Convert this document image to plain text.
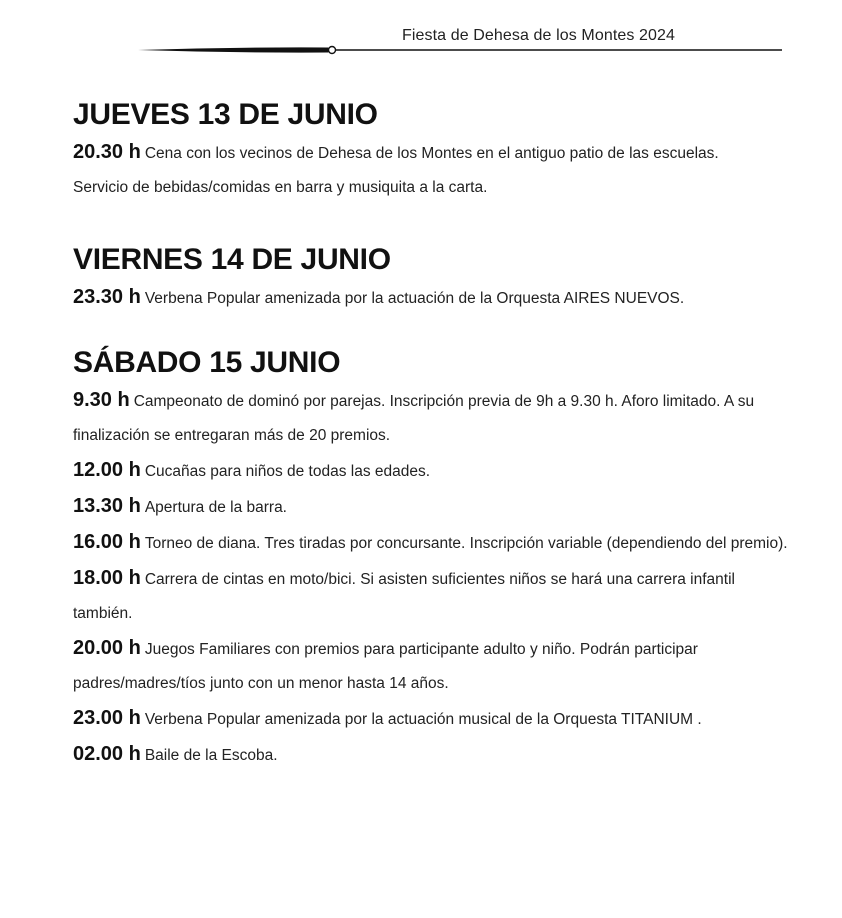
Fiesta de Dehesa de los Montes 2024
JUEVES 13 DE JUNIO

20.30 h Cena con los vecinos de Dehesa de los Montes en el antiguo patio de las escuelas.

Servicio de bebidas/comidas en barra y musiquita a la carta.

VIERNES 14 DE JUNIO

23.30 h Verbena Popular amenizada por la actuación de la Orquesta AIRES NUEVOS.

SÁBADO 15 JUNIO

9.30 h Campeonato de dominó por parejas. Inscripción previa de 9h a 9.30 h. Aforo limitado. A su finalización se entregaran más de 20 premios.

12.00 h Cucañas para niños de todas las edades.

13.30 h Apertura de la barra.

16.00 h Torneo de diana. Tres tiradas por concursante. Inscripción variable (dependiendo del premio).

18.00 h Carrera de cintas en moto/bici. Si asisten suficientes niños se hará una carrera infantil también.

20.00 h Juegos Familiares con premios para participante adulto y niño. Podrán participar padres/madres/tíos junto con un menor hasta 14 años.

23.00 h Verbena Popular amenizada por la actuación musical de la Orquesta TITANIUM .

02.00 h Baile de la Escoba.
